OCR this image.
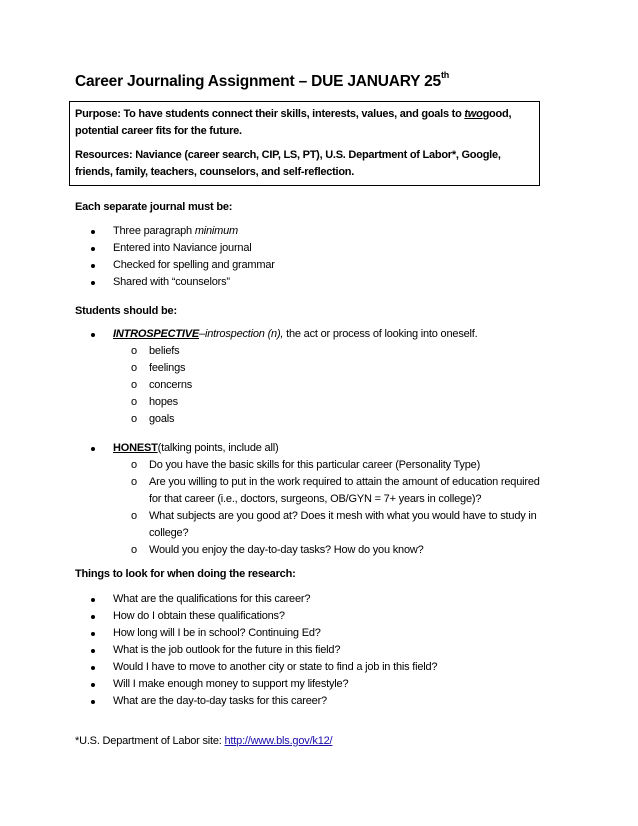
Career Journaling Assignment – DUE JANUARY 25th

Purpose: To have students connect their skills, interests, values, and goals to twogood, potential career fits for the future.

Resources: Naviance (career search, CIP, LS, PT), U.S. Department of Labor*, Google, friends, family, teachers, counselors, and self-reflection.

Each separate journal must be:
Three paragraph minimum
Entered into Naviance journal
Checked for spelling and grammar
Shared with “counselors”
Students should be:
INTROSPECTIVE–introspection (n), the act or process of looking into oneself.
o beliefs
o feelings
o concerns
o hopes
o goals
HONEST(talking points, include all)
o Do you have the basic skills for this particular career (Personality Type)
o Are you willing to put in the work required to attain the amount of education required for that career (i.e., doctors, surgeons, OB/GYN = 7+ years in college)?
o What subjects are you good at? Does it mesh with what you would have to study in college?
o Would you enjoy the day-to-day tasks? How do you know?
Things to look for when doing the research:
What are the qualifications for this career?
How do I obtain these qualifications?
How long will I be in school? Continuing Ed?
What is the job outlook for the future in this field?
Would I have to move to another city or state to find a job in this field?
Will I make enough money to support my lifestyle?
What are the day-to-day tasks for this career?
*U.S. Department of Labor site: http://www.bls.gov/k12/
